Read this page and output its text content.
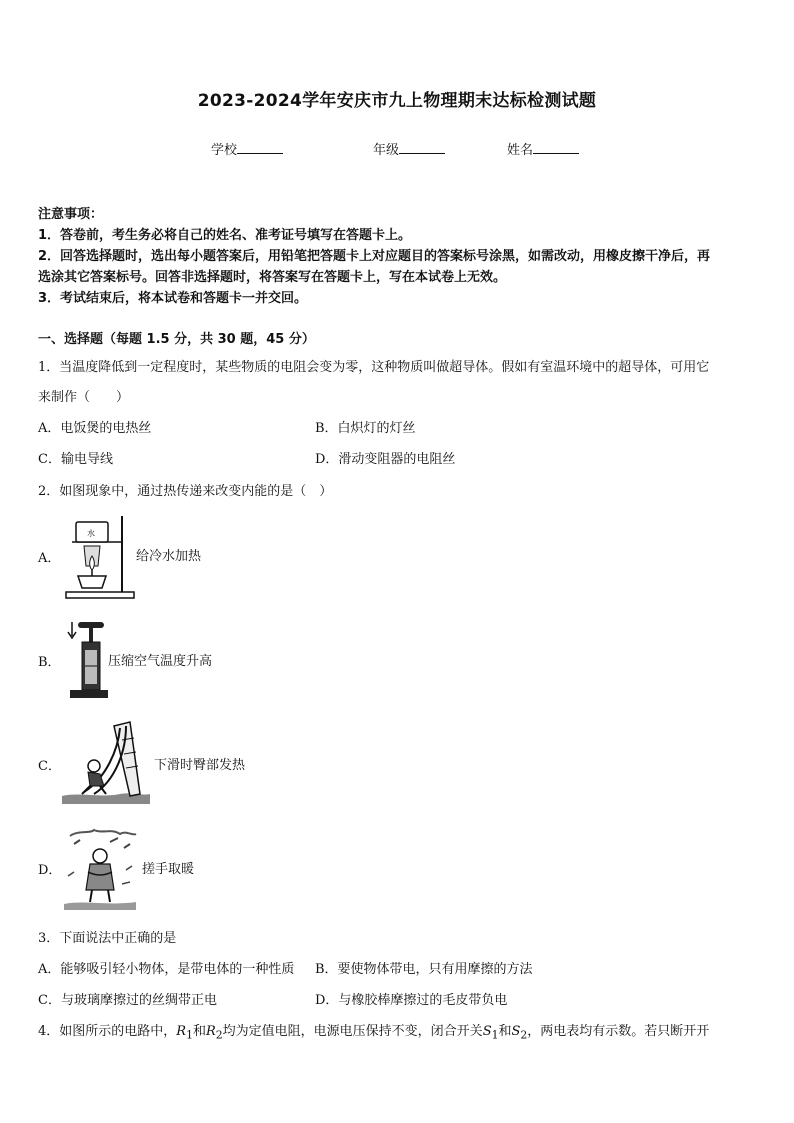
2023-2024学年安庆市九上物理期末达标检测试题
学校	年级	姓名
注意事项：
1．答卷前，考生务必将自己的姓名、准考证号填写在答题卡上。
2．回答选择题时，选出每小题答案后，用铅笔把答题卡上对应题目的答案标号涂黑，如需改动，用橡皮擦干净后，再
选涂其它答案标号。回答非选择题时，将答案写在答题卡上，写在本试卷上无效。
3．考试结束后，将本试卷和答题卡一并交回。
一、选择题（每题 1.5 分，共 30 题，45 分）
1．当温度降低到一定程度时，某些物质的电阻会变为零，这种物质叫做超导体。假如有室温环境中的超导体，可用它
来制作（　　）
A．电饭煲的电热丝	B．白炽灯的灯丝
C．输电导线	D．滑动变阻器的电阻丝
2．如图现象中，通过热传递来改变内能的是（　）
A．
水
给冷水加热
B．	压缩空气温度升高
C．	下滑时臀部发热
D．	搓手取暖
3．下面说法中正确的是
A．能够吸引轻小物体，是带电体的一种性质 B．要使物体带电，只有用摩擦的方法
C．与玻璃摩擦过的丝绸带正电	D．与橡胶棒摩擦过的毛皮带负电
4．如图所示的电路中，$R_1$和$R_2$均为定值电阻，电源电压保持不变，闭合开关$S_1$和$S_2$，两电表均有示数。若只断开开
